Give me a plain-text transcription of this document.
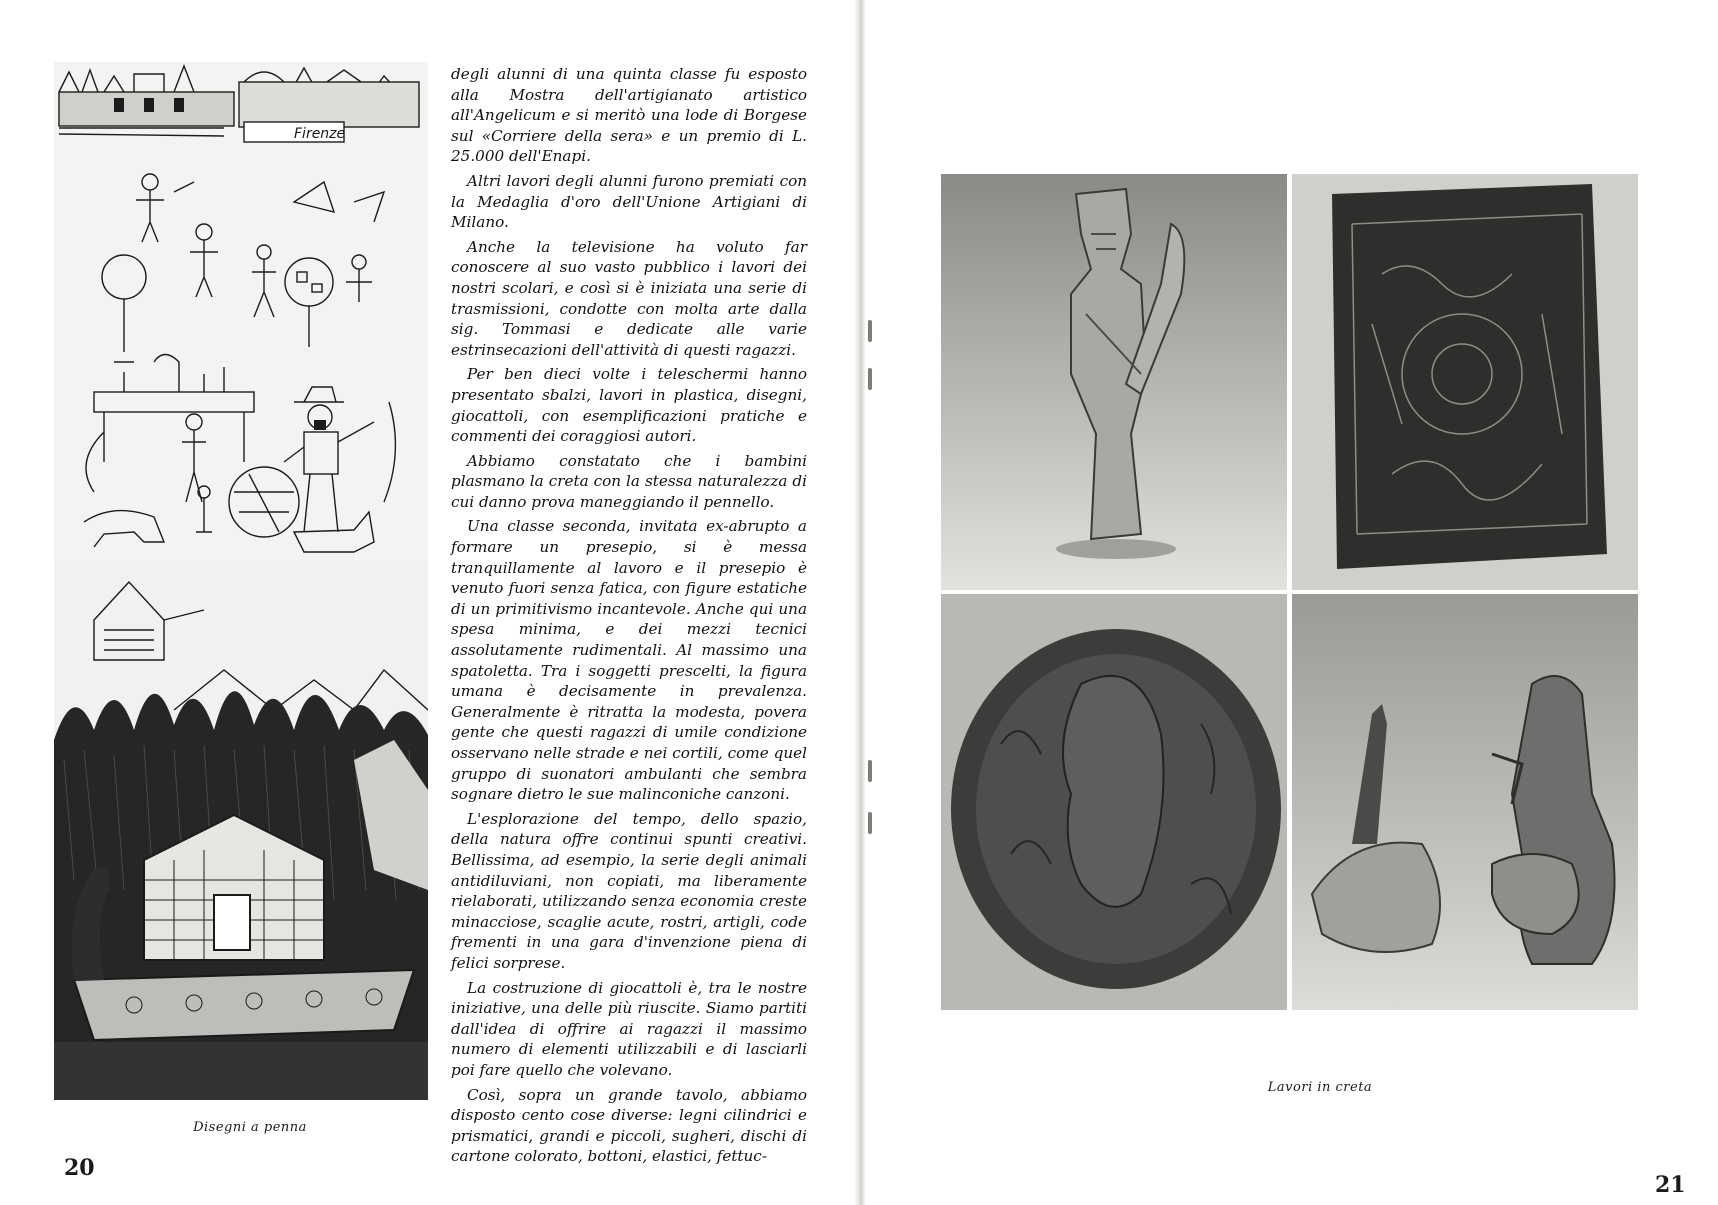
Firenze
Disegni a penna
20

degli alunni di una quinta classe fu esposto alla Mostra dell'artigianato artistico all'Angelicum e si meritò una lode di Borgese sul «Corriere della sera» e un premio di L. 25.000 dell'Enapi.

Altri lavori degli alunni furono premiati con la Medaglia d'oro dell'Unione Artigiani di Milano.

Anche la televisione ha voluto far conoscere al suo vasto pubblico i lavori dei nostri scolari, e così si è iniziata una serie di trasmissioni, condotte con molta arte dalla sig. Tommasi e dedicate alle varie estrinsecazioni dell'attività di questi ragazzi.

Per ben dieci volte i teleschermi hanno presentato sbalzi, lavori in plastica, disegni, giocattoli, con esemplificazioni pratiche e commenti dei coraggiosi autori.

Abbiamo constatato che i bambini plasmano la creta con la stessa naturalezza di cui danno prova maneggiando il pennello.

Una classe seconda, invitata ex-abrupto a formare un presepio, si è messa tranquillamente al lavoro e il presepio è venuto fuori senza fatica, con figure estatiche di un primitivismo incantevole. Anche qui una spesa minima, e dei mezzi tecnici assolutamente rudimentali. Al massimo una spatoletta. Tra i soggetti prescelti, la figura umana è decisamente in prevalenza. Generalmente è ritratta la modesta, povera gente che questi ragazzi di umile condizione osservano nelle strade e nei cortili, come quel gruppo di suonatori ambulanti che sembra sognare dietro le sue malinconiche canzoni.

L'esplorazione del tempo, dello spazio, della natura offre continui spunti creativi. Bellissima, ad esempio, la serie degli animali antidiluviani, non copiati, ma liberamente rielaborati, utilizzando senza economia creste minacciose, scaglie acute, rostri, artigli, code frementi in una gara d'invenzione piena di felici sorprese.

La costruzione di giocattoli è, tra le nostre iniziative, una delle più riuscite. Siamo partiti dall'idea di offrire ai ragazzi il massimo numero di elementi utilizzabili e di lasciarli poi fare quello che volevano.

Così, sopra un grande tavolo, abbiamo disposto cento cose diverse: legni cilindrici e prismatici, grandi e piccoli, sugheri, dischi di cartone colorato, bottoni, elastici, fettuc-

Lavori in creta
21
